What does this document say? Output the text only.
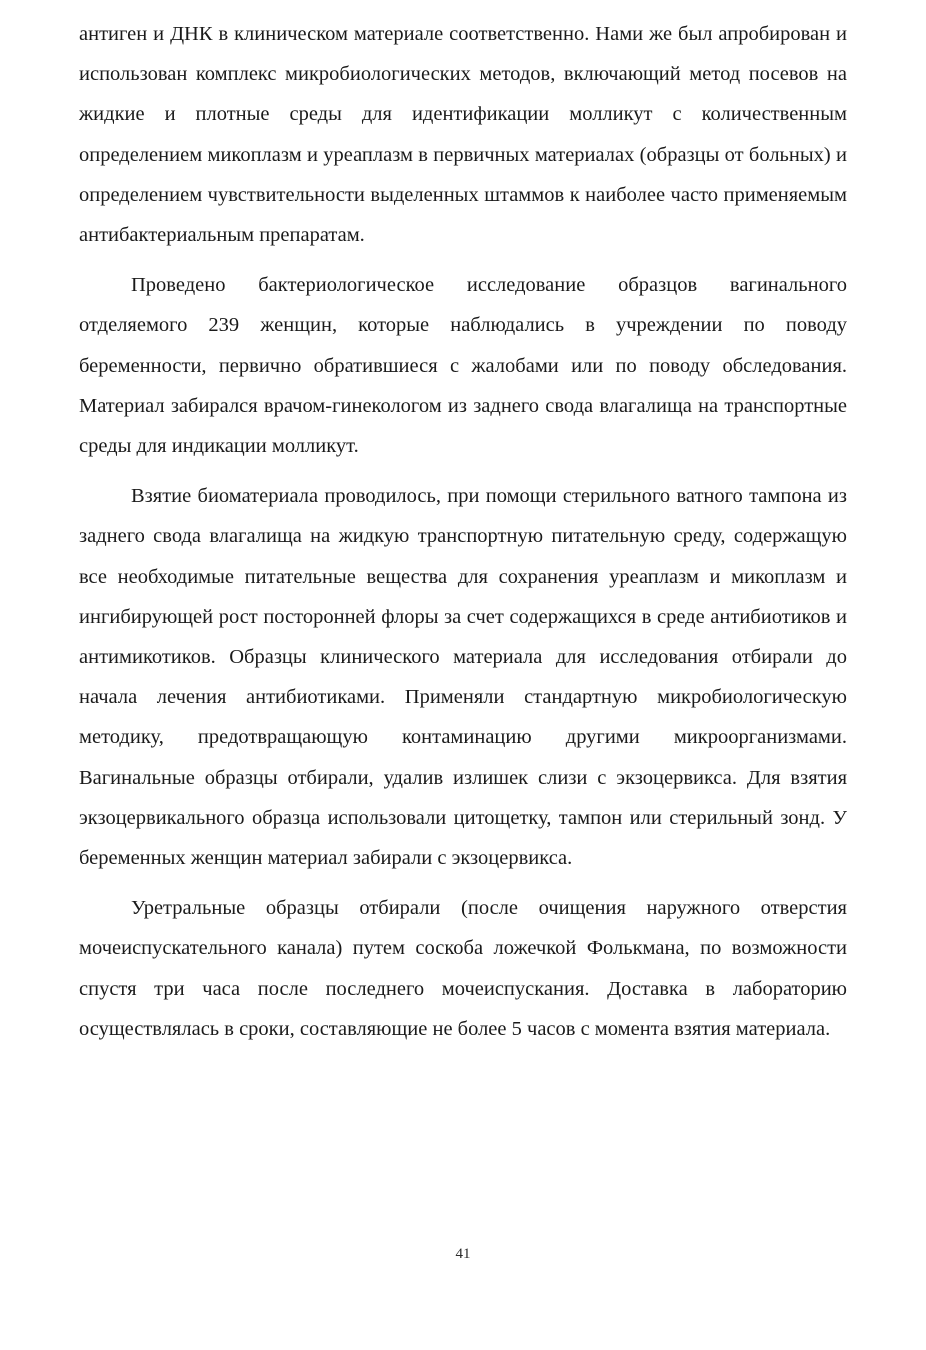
антиген и ДНК в клиническом материале соответственно. Нами же был апробирован и использован комплекс микробиологических методов, включающий метод посевов на жидкие и плотные среды для идентификации молликут с количественным определением микоплазм и уреаплазм в первичных материалах (образцы от больных) и определением чувствительности выделенных штаммов к наиболее часто применяемым антибактериальным препаратам.

Проведено бактериологическое исследование образцов вагинального отделяемого 239 женщин, которые наблюдались в учреждении по поводу беременности, первично обратившиеся с жалобами или по поводу обследования. Материал забирался врачом-гинекологом из заднего свода влагалища на транспортные среды для индикации молликут.

Взятие биоматериала проводилось, при помощи стерильного ватного тампона из заднего свода влагалища на жидкую транспортную питательную среду, содержащую все необходимые питательные вещества для сохранения уреаплазм и микоплазм и ингибирующей рост посторонней флоры за счет содержащихся в среде антибиотиков и антимикотиков. Образцы клинического материала для исследования отбирали до начала лечения антибиотиками. Применяли стандартную микробиологическую методику, предотвращающую контаминацию другими микроорганизмами. Вагинальные образцы отбирали, удалив излишек слизи с экзоцервикса. Для взятия экзоцервикального образца использовали цитощетку, тампон или стерильный зонд. У беременных женщин материал забирали с экзоцервикса.

Уретральные образцы отбирали (после очищения наружного отверстия мочеиспускательного канала) путем соскоба ложечкой Фолькмана, по возможности спустя три часа после последнего мочеиспускания. Доставка в лабораторию осуществлялась в сроки, составляющие не более 5 часов с момента взятия материала.

41
